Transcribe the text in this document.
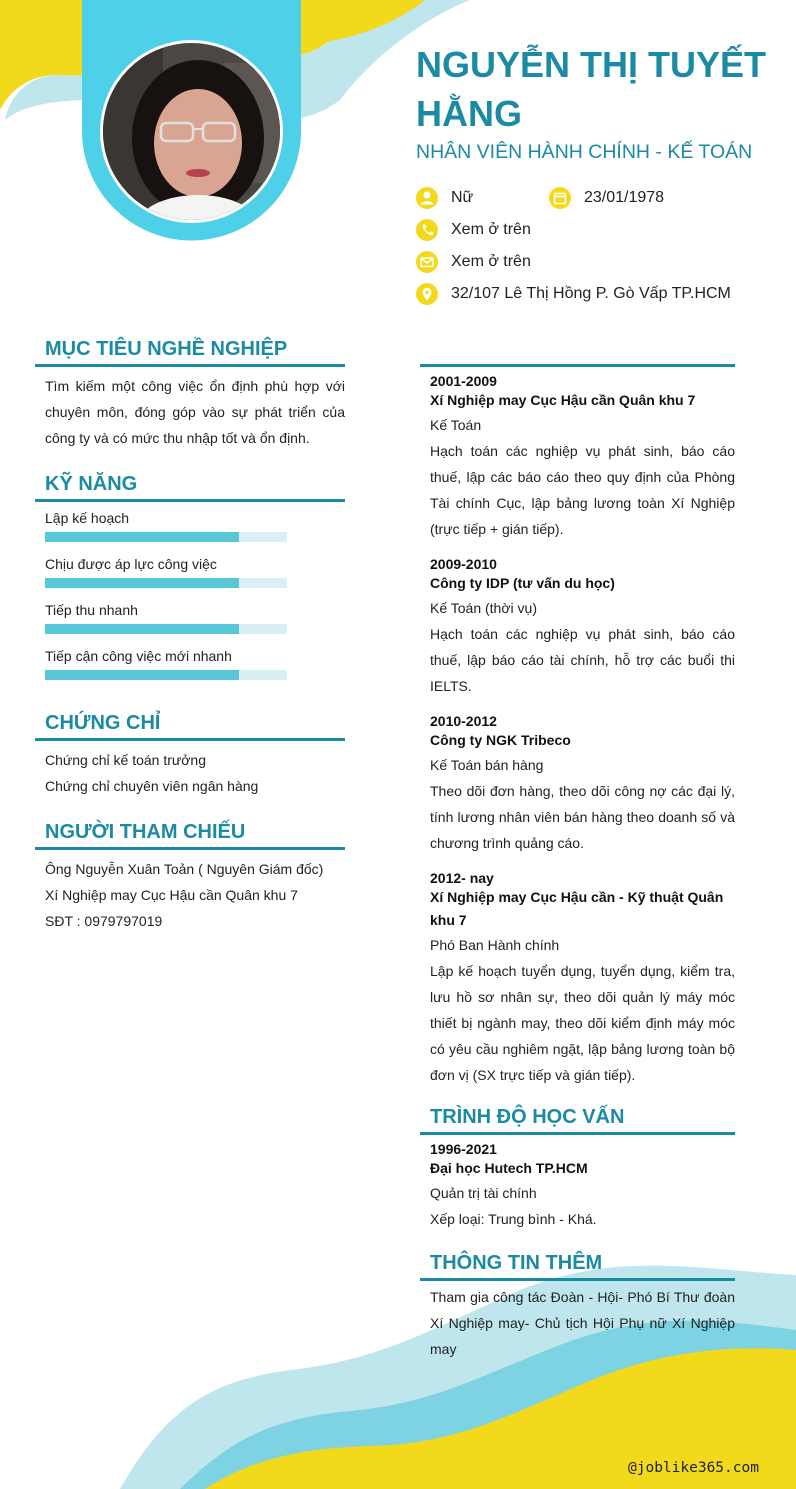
NGUYỄN THỊ TUYẾT HẰNG
NHÂN VIÊN HÀNH CHÍNH - KẾ TOÁN
Nữ	23/01/1978
Xem ở trên
Xem ở trên
32/107 Lê Thị Hồng P. Gò Vấp TP.HCM
MỤC TIÊU NGHỀ NGHIỆP
Tìm kiếm một công việc ổn định phù hợp với chuyên môn, đóng góp vào sự phát triển của công ty và có mức thu nhập tốt và ổn định.
KỸ NĂNG
Lập kế hoạch
Chịu được áp lực công việc
Tiếp thu nhanh
Tiếp cận công việc mới nhanh
CHỨNG CHỈ
Chứng chỉ kế toán trưởng
Chứng chỉ chuyên viên ngân hàng
NGƯỜI THAM CHIẾU
Ông Nguyễn Xuân Toản ( Nguyên Giám đốc)
Xí Nghiệp may Cục Hậu cần Quân khu 7
SĐT : 0979797019
2001-2009
Xí Nghiệp may Cục Hậu cần Quân khu 7
Kế Toán
Hạch toán các nghiệp vụ phát sinh, báo cáo thuế, lập các báo cáo theo quy định của Phòng Tài chính Cục, lập bảng lương toàn Xí Nghiệp (trực tiếp + gián tiếp).
2009-2010
Công ty IDP (tư vấn du học)
Kế Toán (thời vụ)
Hạch toán các nghiệp vụ phát sinh, báo cáo thuế, lập báo cáo tài chính, hỗ trợ các buổi thi IELTS.
2010-2012
Công ty NGK Tribeco
Kế Toán bán hàng
Theo dõi đơn hàng, theo dõi công nợ các đại lý, tính lương nhân viên bán hàng theo doanh số và chương trình quảng cáo.
2012- nay
Xí Nghiệp may Cục Hậu cần - Kỹ thuật Quân khu 7
Phó Ban Hành chính
Lập kế hoạch tuyển dụng, tuyển dụng, kiểm tra, lưu hồ sơ nhân sự, theo dõi quản lý máy móc thiết bị ngành may, theo dõi kiểm định máy móc có yêu cầu nghiêm ngặt, lập bảng lương toàn bộ đơn vị (SX trực tiếp và gián tiếp).
TRÌNH ĐỘ HỌC VẤN
1996-2021
Đại học Hutech TP.HCM
Quản trị tài chính
Xếp loại: Trung bình - Khá.
THÔNG TIN THÊM
Tham gia công tác Đoàn - Hội- Phó Bí Thư đoàn Xí Nghiệp may- Chủ tịch Hội Phụ nữ Xí Nghiệp may
@joblike365.com
